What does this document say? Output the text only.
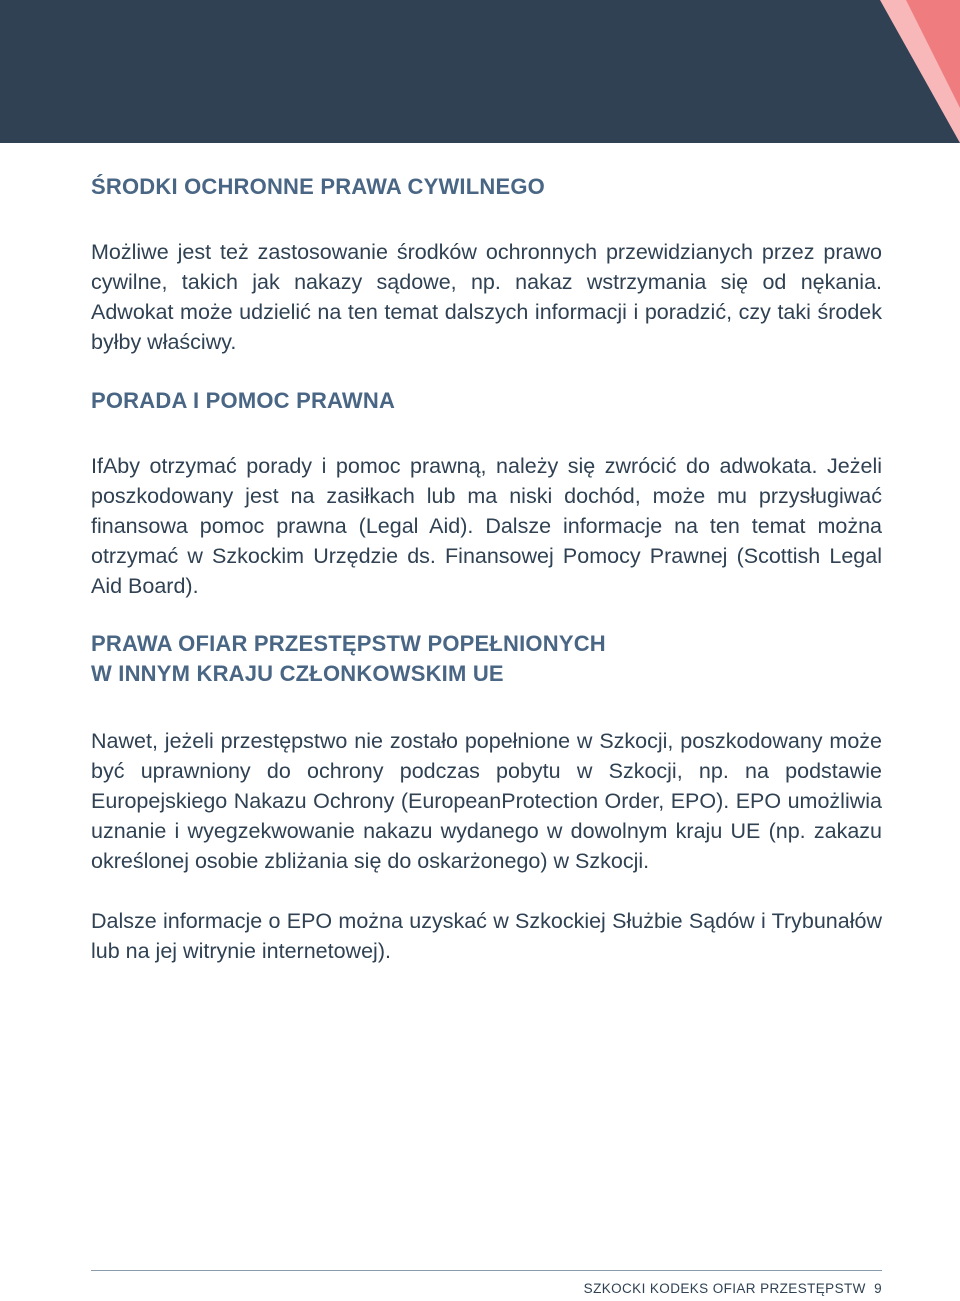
ŚRODKI OCHRONNE PRAWA CYWILNEGO

Możliwe jest też zastosowanie środków ochronnych przewidzianych przez prawo cywilne, takich jak nakazy sądowe, np. nakaz wstrzymania się od nękania. Adwokat może udzielić na ten temat dalszych informacji i poradzić, czy taki środek byłby właściwy.

PORADA I POMOC PRAWNA

IfAby otrzymać porady i pomoc prawną, należy się zwrócić do adwokata. Jeżeli poszkodowany jest na zasiłkach lub ma niski dochód, może mu przysługiwać finansowa pomoc prawna (Legal Aid). Dalsze informacje na ten temat można otrzymać w Szkockim Urzędzie ds. Finansowej Pomocy Prawnej (Scottish Legal Aid Board).

PRAWA OFIAR PRZESTĘPSTW POPEŁNIONYCH
W INNYM KRAJU CZŁONKOWSKIM UE

Nawet, jeżeli przestępstwo nie zostało popełnione w Szkocji, poszkodowany może być uprawniony do ochrony podczas pobytu w Szkocji, np. na podstawie Europejskiego Nakazu Ochrony (EuropeanProtection Order, EPO). EPO umożliwia uznanie i wyegzekwowanie nakazu wydanego w dowolnym kraju UE (np. zakazu określonej osobie zbliżania się do oskarżonego) w Szkocji.

Dalsze informacje o EPO można uzyskać w Szkockiej Służbie Sądów i Trybunałów lub na jej witrynie internetowej).

SZKOCKI KODEKS OFIAR PRZESTĘPSTW 9
